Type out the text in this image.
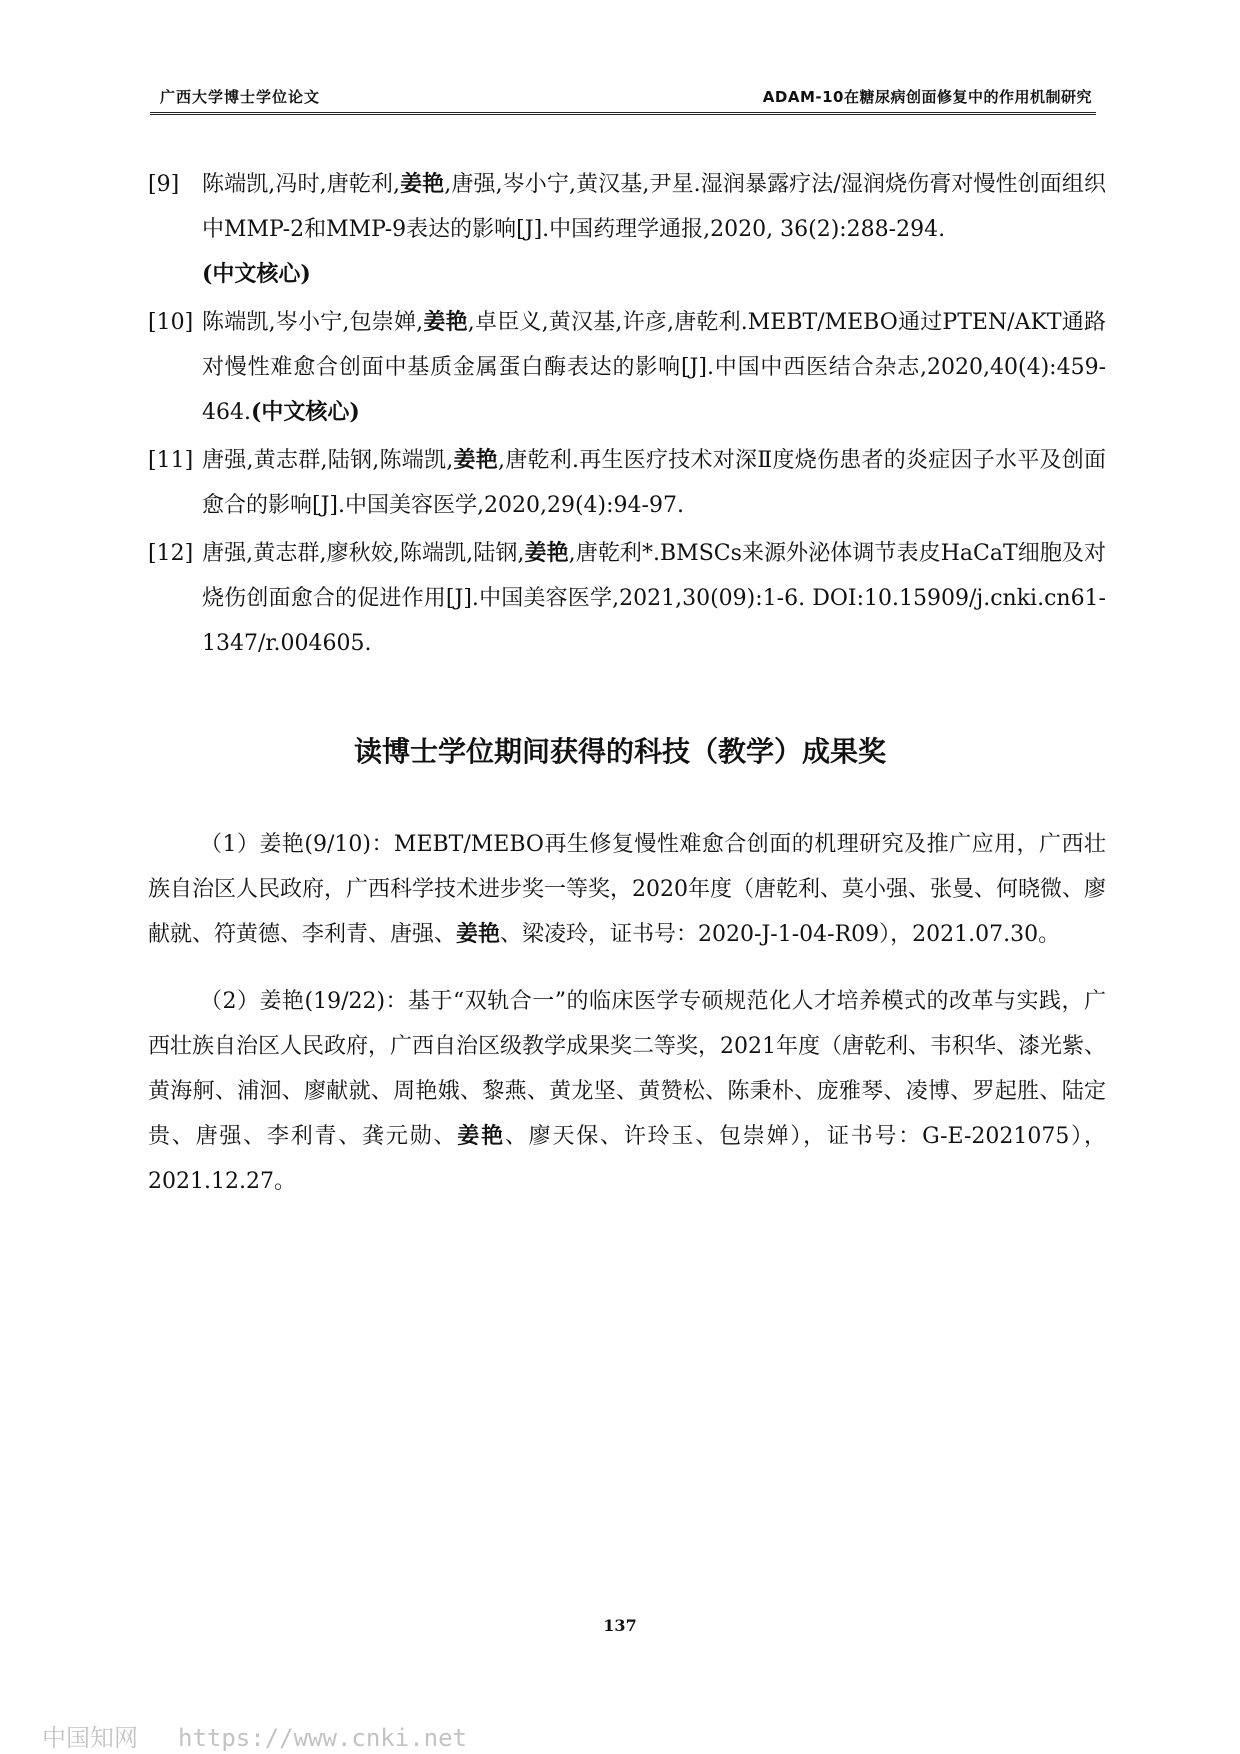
广西大学博士学位论文	ADAM-10在糖尿病创面修复中的作用机制研究
[9] 陈端凯,冯时,唐乾利,姜艳,唐强,岑小宁,黄汉基,尹星.湿润暴露疗法/湿润烧伤膏对慢性创面组织中MMP-2和MMP-9表达的影响[J].中国药理学通报,2020, 36(2):288-294.
(中文核心)
[10] 陈端凯,岑小宁,包崇婵,姜艳,卓臣义,黄汉基,许彦,唐乾利.MEBT/MEBO通过PTEN/AKT通路对慢性难愈合创面中基质金属蛋白酶表达的影响[J].中国中西医结合杂志,2020,40(4):459-464.(中文核心)
[11] 唐强,黄志群,陆钢,陈端凯,姜艳,唐乾利.再生医疗技术对深Ⅱ度烧伤患者的炎症因子水平及创面愈合的影响[J].中国美容医学,2020,29(4):94-97.
[12] 唐强,黄志群,廖秋姣,陈端凯,陆钢,姜艳,唐乾利*.BMSCs来源外泌体调节表皮HaCaT细胞及对烧伤创面愈合的促进作用[J].中国美容医学,2021,30(09):1-6. DOI:10.15909/j.cnki.cn61-1347/r.004605.
读博士学位期间获得的科技（教学）成果奖

（1）姜艳(9/10)：MEBT/MEBO再生修复慢性难愈合创面的机理研究及推广应用，广西壮族自治区人民政府，广西科学技术进步奖一等奖，2020年度（唐乾利、莫小强、张曼、何晓微、廖献就、符黄德、李利青、唐强、姜艳、梁凌玲，证书号：2020-J-1-04-R09），2021.07.30。

（2）姜艳(19/22)：基于“双轨合一”的临床医学专硕规范化人才培养模式的改革与实践，广西壮族自治区人民政府，广西自治区级教学成果奖二等奖，2021年度（唐乾利、韦积华、漆光紫、黄海舸、浦洄、廖献就、周艳娥、黎燕、黄龙坚、黄赞松、陈秉朴、庞雅琴、凌博、罗起胜、陆定贵、唐强、李利青、龚元勋、姜艳、廖天保、许玲玉、包崇婵），证书号：G-E-2021075），2021.12.27。

137
中国知网 https://www.cnki.net
